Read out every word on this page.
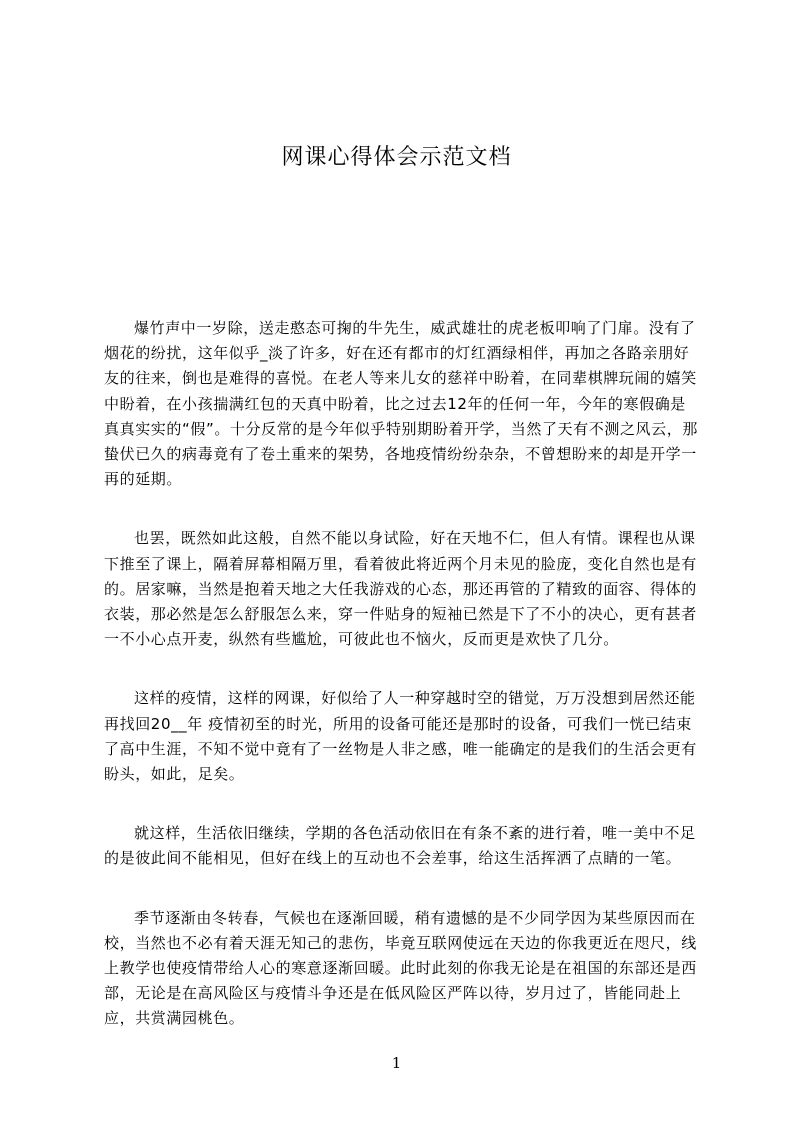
网课心得体会示范文档

爆竹声中一岁除，送走憨态可掬的牛先生，威武雄壮的虎老板叩响了门扉。没有了烟花的纷扰，这年似乎_淡了许多，好在还有都市的灯红酒绿相伴，再加之各路亲朋好友的往来，倒也是难得的喜悦。在老人等来儿女的慈祥中盼着，在同辈棋牌玩闹的嬉笑中盼着，在小孩揣满红包的天真中盼着，比之过去12年的任何一年，今年的寒假确是真真实实的“假”。十分反常的是今年似乎特别期盼着开学，当然了天有不测之风云，那蛰伏已久的病毒竟有了卷土重来的架势，各地疫情纷纷杂杂，不曾想盼来的却是开学一再的延期。

也罢，既然如此这般，自然不能以身试险，好在天地不仁，但人有情。课程也从课下推至了课上，隔着屏幕相隔万里，看着彼此将近两个月未见的脸庞，变化自然也是有的。居家嘛，当然是抱着天地之大任我游戏的心态，那还再管的了精致的面容、得体的衣装，那必然是怎么舒服怎么来，穿一件贴身的短袖已然是下了不小的决心，更有甚者一不小心点开麦，纵然有些尴尬，可彼此也不恼火，反而更是欢快了几分。

这样的疫情，这样的网课，好似给了人一种穿越时空的错觉，万万没想到居然还能再找回20__年 疫情初至的时光，所用的设备可能还是那时的设备，可我们一恍已结束了高中生涯，不知不觉中竟有了一丝物是人非之感，唯一能确定的是我们的生活会更有盼头，如此，足矣。

就这样，生活依旧继续，学期的各色活动依旧在有条不紊的进行着，唯一美中不足的是彼此间不能相见，但好在线上的互动也不会差事，给这生活挥洒了点睛的一笔。

季节逐渐由冬转春，气候也在逐渐回暖，稍有遗憾的是不少同学因为某些原因而在校，当然也不必有着天涯无知己的悲伤，毕竟互联网使远在天边的你我更近在咫尺，线上教学也使疫情带给人心的寒意逐渐回暖。此时此刻的你我无论是在祖国的东部还是西部，无论是在高风险区与疫情斗争还是在低风险区严阵以待，岁月过了，皆能同赴上应，共赏满园桃色。

1
